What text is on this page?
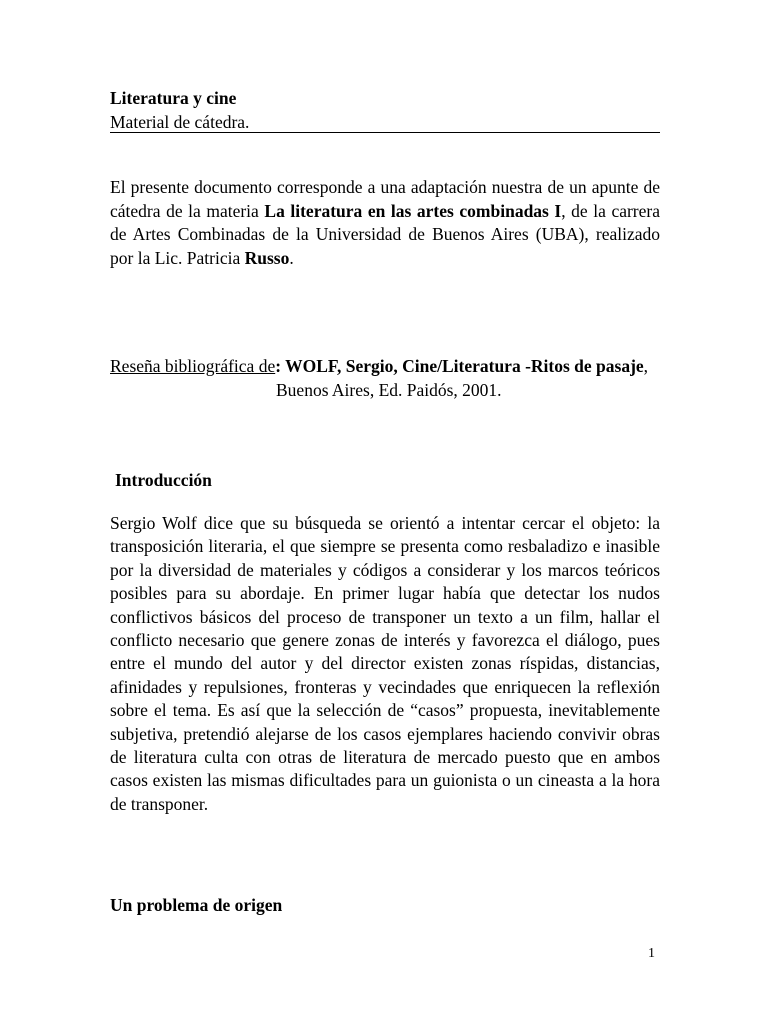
Literatura y cine
Material de cátedra.
El presente documento corresponde a una adaptación nuestra de un apunte de cátedra de la materia La literatura en las artes combinadas I, de la carrera de Artes Combinadas de la Universidad de Buenos Aires (UBA), realizado por la Lic. Patricia Russo.
Reseña bibliográfica de: WOLF, Sergio, Cine/Literatura -Ritos de pasaje,
Buenos Aires, Ed. Paidós, 2001.
Introducción
Sergio Wolf dice que su búsqueda se orientó a intentar cercar el objeto: la transposición literaria, el que siempre se presenta como resbaladizo e inasible por la diversidad de materiales y códigos a considerar y los marcos teóricos posibles para su abordaje. En primer lugar había que detectar los nudos conflictivos básicos del proceso de transponer un texto a un film, hallar el conflicto necesario que genere zonas de interés y favorezca el diálogo, pues entre el mundo del autor y del director existen zonas ríspidas, distancias, afinidades y repulsiones, fronteras y vecindades que enriquecen la reflexión sobre el tema. Es así que la selección de “casos” propuesta, inevitablemente subjetiva, pretendió alejarse de los casos ejemplares haciendo convivir obras de literatura culta con otras de literatura de mercado puesto que en ambos casos existen las mismas dificultades para un guionista o un cineasta a la hora de transponer.
Un problema de origen
1
